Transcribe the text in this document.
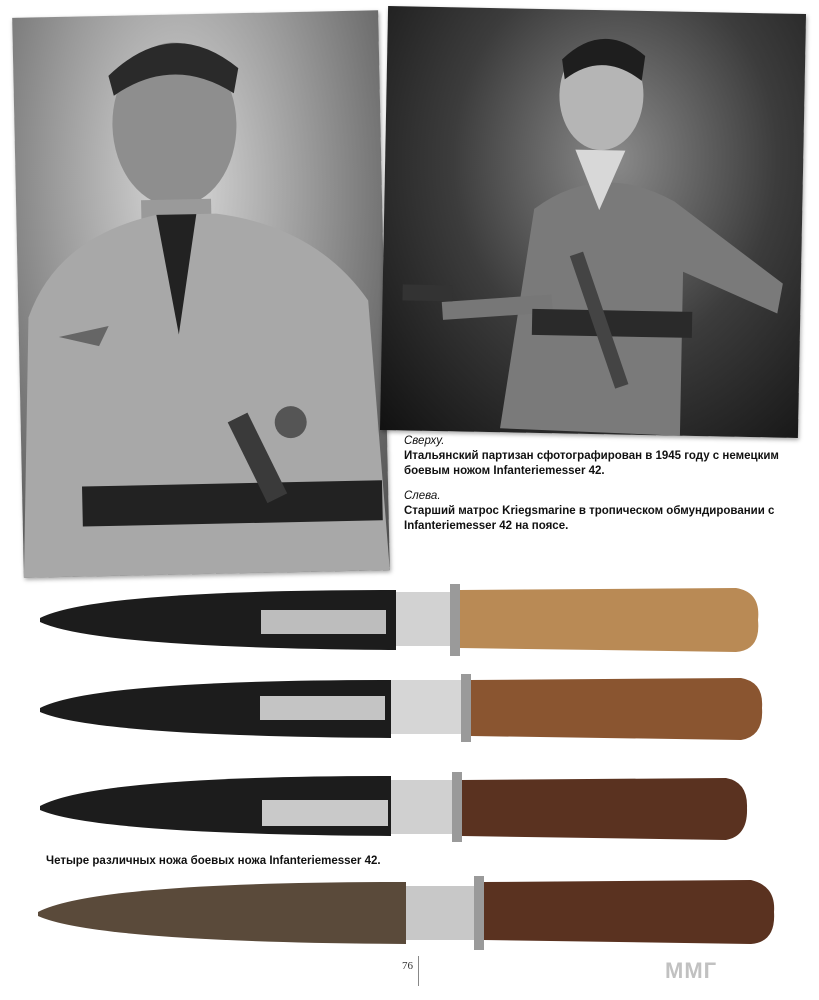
Сверху.
Итальянский партизан сфотографирован в 1945 году с немецким боевым ножом Infanteriemesser 42.
Слева.
Старший матрос Kriegsmarine в тропическом обмундировании с Infanteriemesser 42 на поясе.
Четыре различных ножа боевых ножа Infanteriemesser 42.
76	ММГ
